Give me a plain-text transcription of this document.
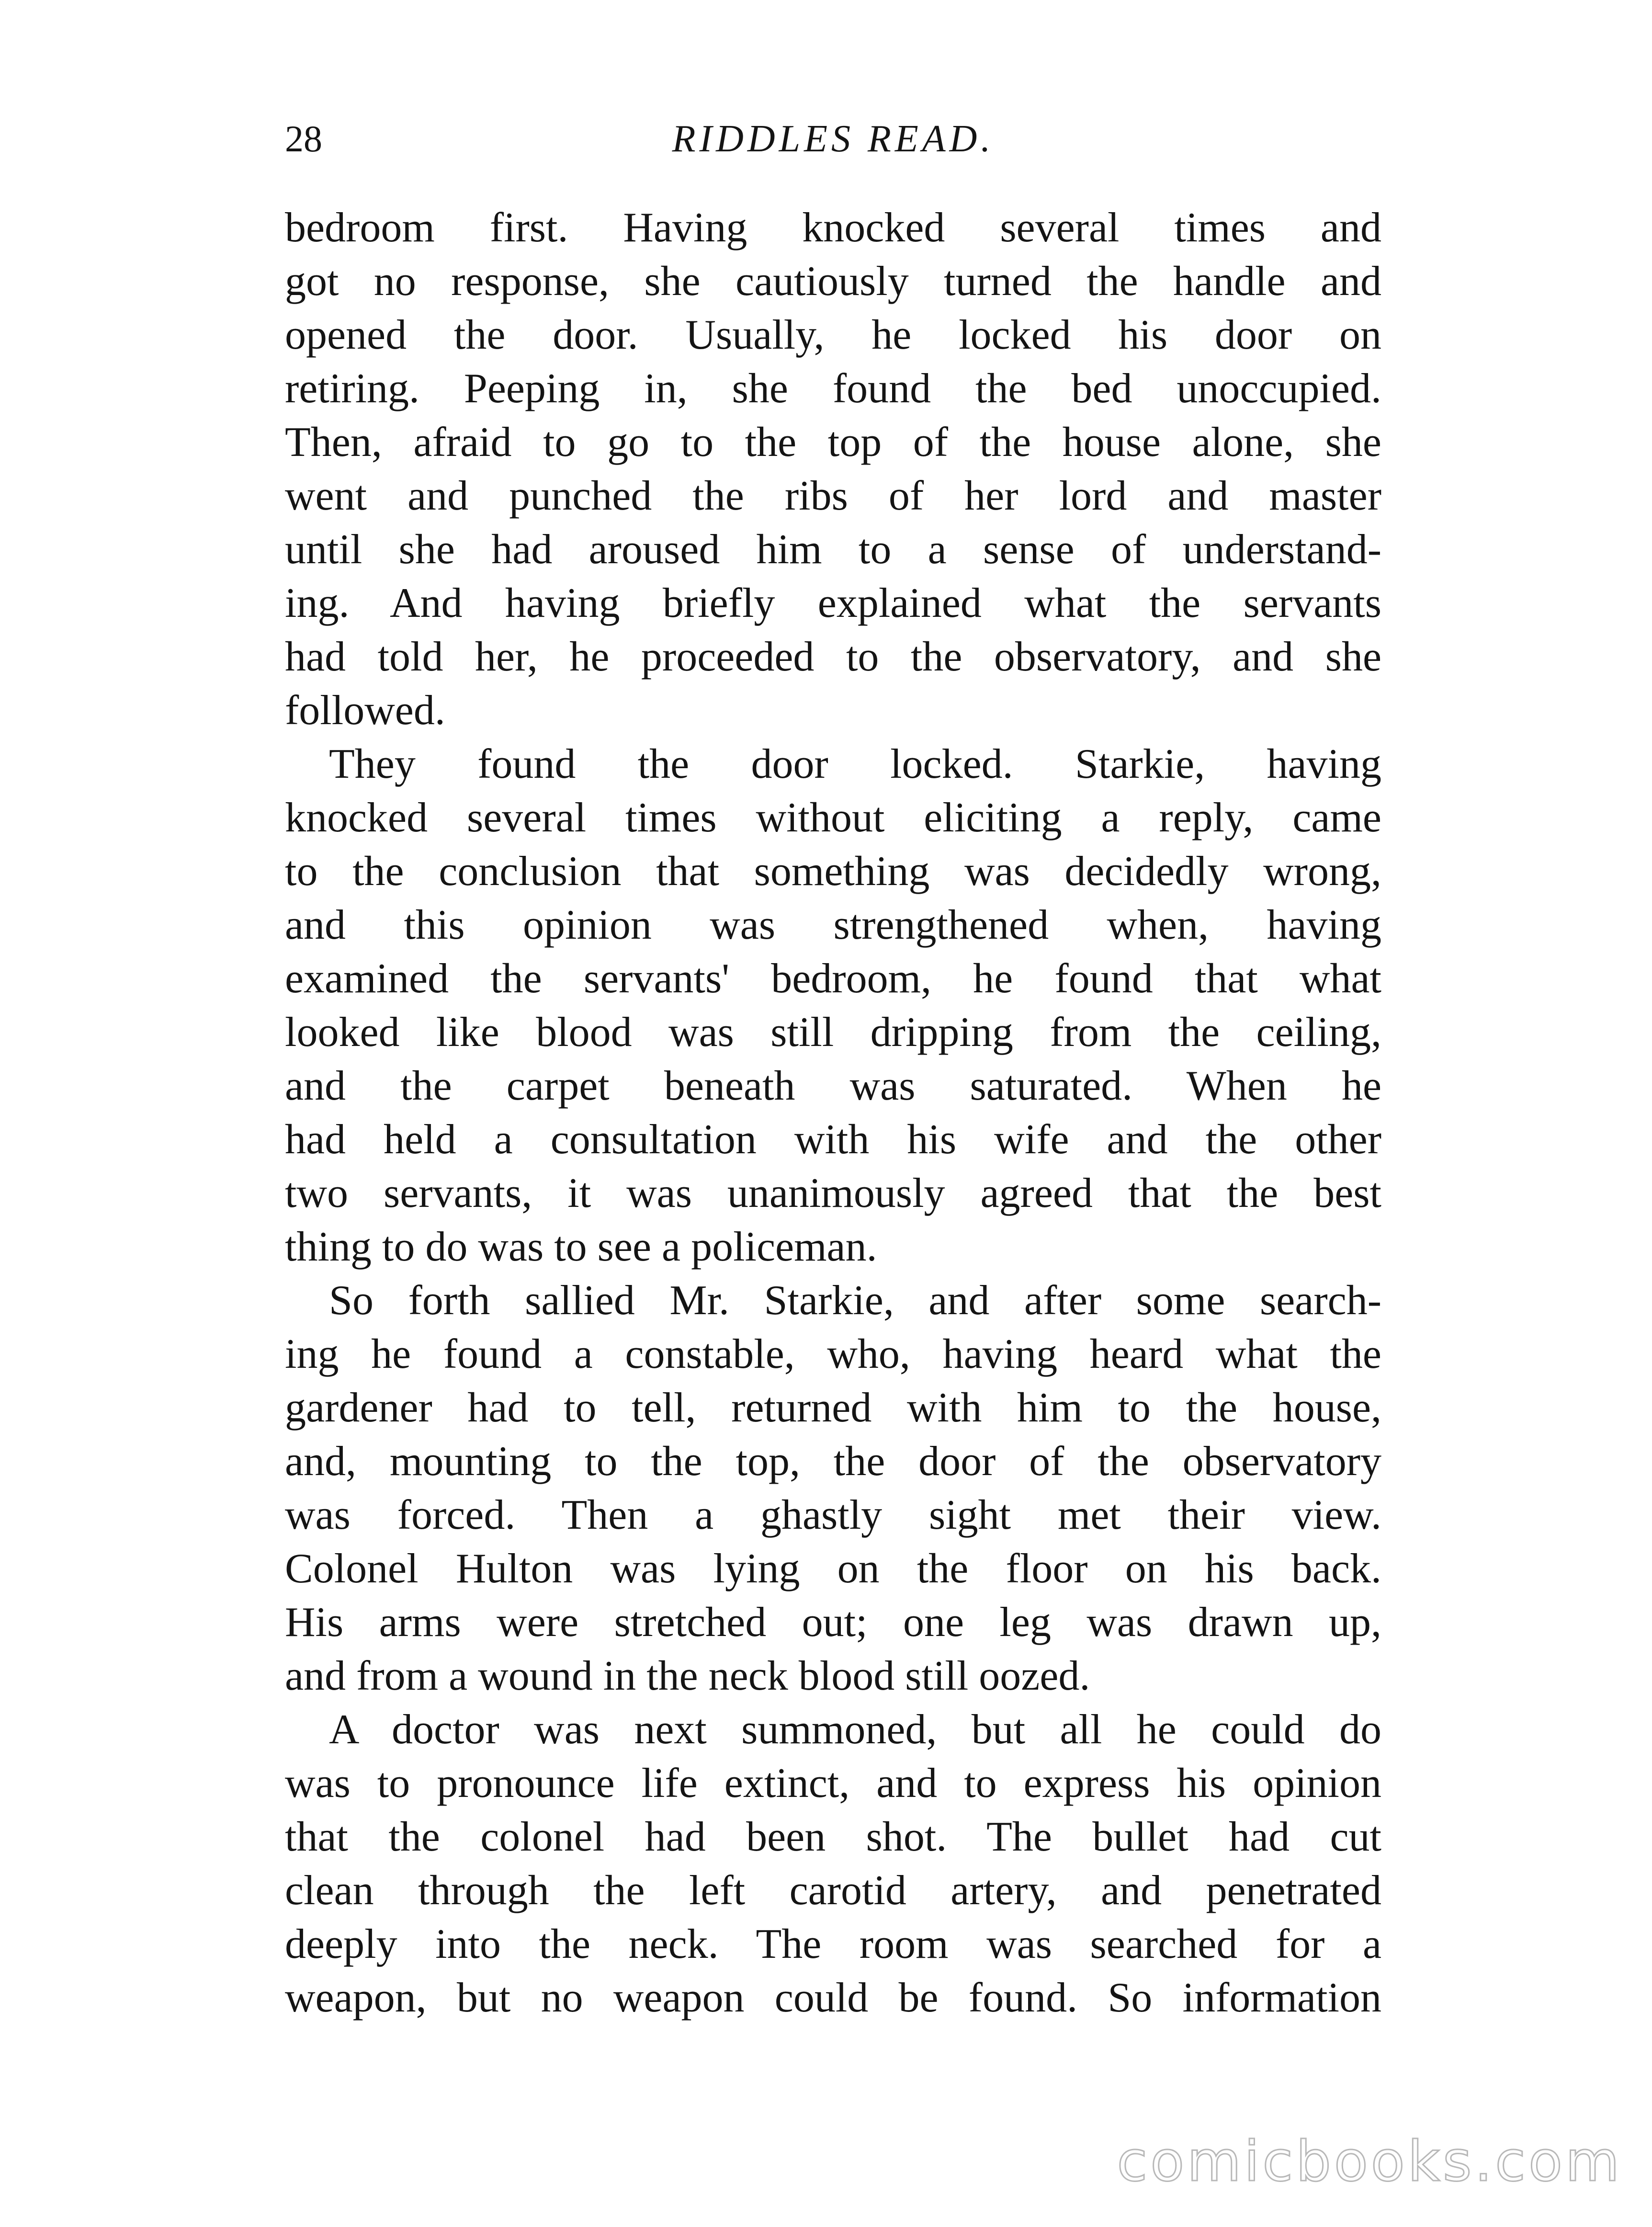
28	RIDDLES READ.
bedroom first. Having knocked several times and
got no response, she cautiously turned the handle and
opened the door. Usually, he locked his door on
retiring. Peeping in, she found the bed unoccupied.
Then, afraid to go to the top of the house alone, she
went and punched the ribs of her lord and master
until she had aroused him to a sense of understand-
ing. And having briefly explained what the servants
had told her, he proceeded to the observatory, and she
followed.
They found the door locked. Starkie, having
knocked several times without eliciting a reply, came
to the conclusion that something was decidedly wrong,
and this opinion was strengthened when, having
examined the servants' bedroom, he found that what
looked like blood was still dripping from the ceiling,
and the carpet beneath was saturated. When he
had held a consultation with his wife and the other
two servants, it was unanimously agreed that the best
thing to do was to see a policeman.
So forth sallied Mr. Starkie, and after some search-
ing he found a constable, who, having heard what the
gardener had to tell, returned with him to the house,
and, mounting to the top, the door of the observatory
was forced. Then a ghastly sight met their view.
Colonel Hulton was lying on the floor on his back.
His arms were stretched out; one leg was drawn up,
and from a wound in the neck blood still oozed.
A doctor was next summoned, but all he could do
was to pronounce life extinct, and to express his opinion
that the colonel had been shot. The bullet had cut
clean through the left carotid artery, and penetrated
deeply into the neck. The room was searched for a
weapon, but no weapon could be found. So information
comicbooks.com
